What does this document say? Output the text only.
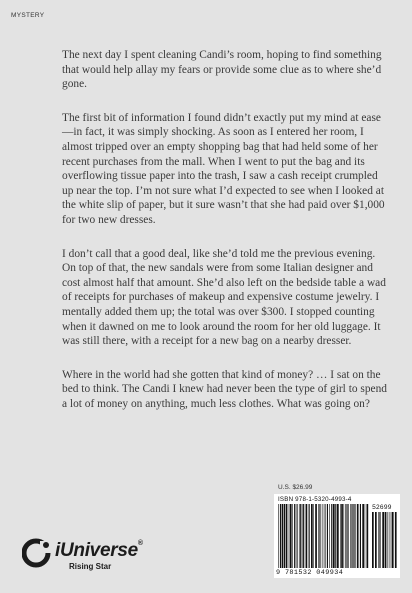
MYSTERY

The next day I spent cleaning Candi’s room, hoping to find something that would help allay my fears or provide some clue as to where she’d gone.

The first bit of information I found didn’t exactly put my mind at ease—in fact, it was simply shocking. As soon as I entered her room, I almost tripped over an empty shopping bag that had held some of her recent purchases from the mall. When I went to put the bag and its overflowing tissue paper into the trash, I saw a cash receipt crumpled up near the top. I’m not sure what I’d expected to see when I looked at the white slip of paper, but it sure wasn’t that she had paid over $1,000 for two new dresses.

I don’t call that a good deal, like she’d told me the previous evening. On top of that, the new sandals were from some Italian designer and cost almost half that amount. She’d also left on the bedside table a wad of receipts for purchases of makeup and expensive costume jewelry. I mentally added them up; the total was over $300. I stopped counting when it dawned on me to look around the room for her old luggage. It was still there, with a receipt for a new bag on a nearby dresser.

Where in the world had she gotten that kind of money? … I sat on the bed to think. The Candi I knew had never been the type of girl to spend a lot of money on anything, much less clothes. What was going on?

iUniverse®
Rising Star
U.S. $26.99
ISBN 978-1-5320-4993-4
52699
9 781532 049934
